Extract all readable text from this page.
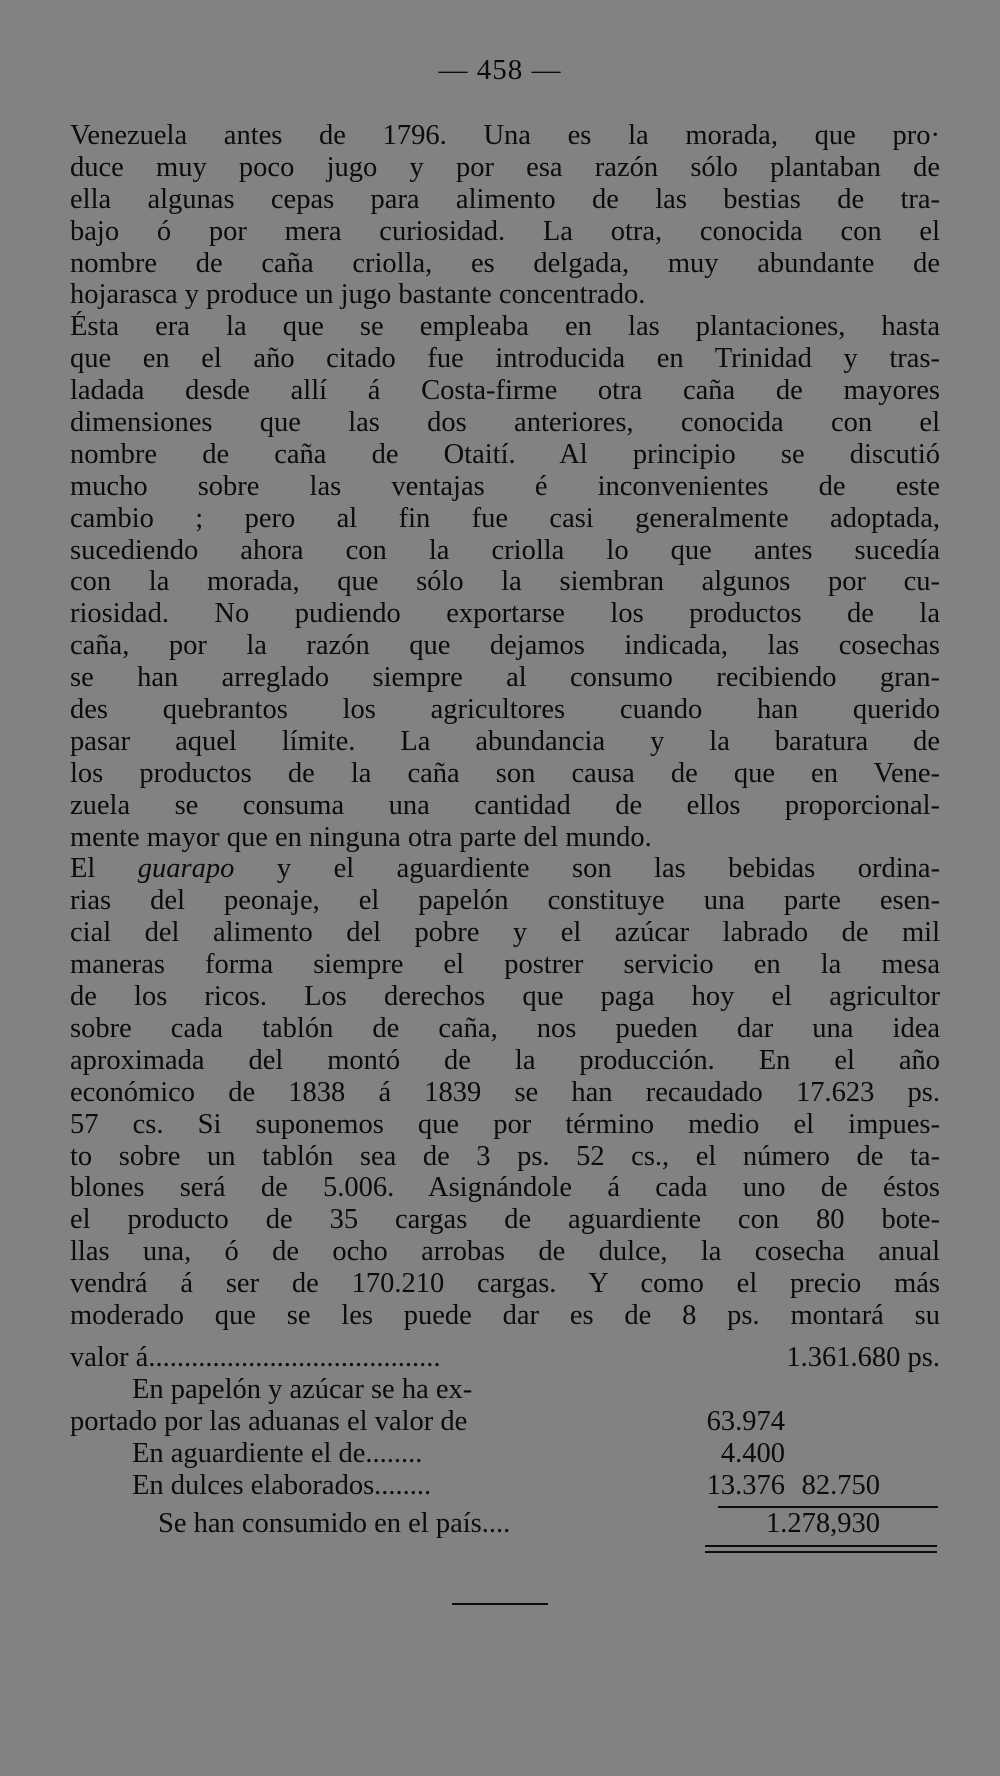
— 458 —
Venezuela antes de 1796. Una es la morada, que pro·
duce muy poco jugo y por esa razón sólo plantaban de
ella algunas cepas para alimento de las bestias de tra-
bajo ó por mera curiosidad. La otra, conocida con el
nombre de caña criolla, es delgada, muy abundante de
hojarasca y produce un jugo bastante concentrado.
Ésta era la que se empleaba en las plantaciones, hasta
que en el año citado fue introducida en Trinidad y tras-
ladada desde allí á Costa-firme otra caña de mayores
dimensiones que las dos anteriores, conocida con el
nombre de caña de Otaití. Al principio se discutió
mucho sobre las ventajas é inconvenientes de este
cambio ; pero al fin fue casi generalmente adoptada,
sucediendo ahora con la criolla lo que antes sucedía
con la morada, que sólo la siembran algunos por cu-
riosidad. No pudiendo exportarse los productos de la
caña, por la razón que dejamos indicada, las cosechas
se han arreglado siempre al consumo recibiendo gran-
des quebrantos los agricultores cuando han querido
pasar aquel límite. La abundancia y la baratura de
los productos de la caña son causa de que en Vene-
zuela se consuma una cantidad de ellos proporcional-
mente mayor que en ninguna otra parte del mundo.
El guarapo y el aguardiente son las bebidas ordina-
rias del peonaje, el papelón constituye una parte esen-
cial del alimento del pobre y el azúcar labrado de mil
maneras forma siempre el postrer servicio en la mesa
de los ricos. Los derechos que paga hoy el agricultor
sobre cada tablón de caña, nos pueden dar una idea
aproximada del montó de la producción. En el año
económico de 1838 á 1839 se han recaudado 17.623 ps.
57 cs. Si suponemos que por término medio el impues-
to sobre un tablón sea de 3 ps. 52 cs., el número de ta-
blones será de 5.006. Asignándole á cada uno de éstos
el producto de 35 cargas de aguardiente con 80 bote-
llas una, ó de ocho arrobas de dulce, la cosecha anual
vendrá á ser de 170.210 cargas. Y como el precio más
moderado que se les puede dar es de 8 ps. montará su
valor á.........................................	1.361.680 ps.
En papelón y azúcar se ha ex-
portado por las aduanas el valor de	63.974
En aguardiente el de........	4.400
En dulces elaborados........	13.376 82.750
Se han consumido en el país....	1.278,930
